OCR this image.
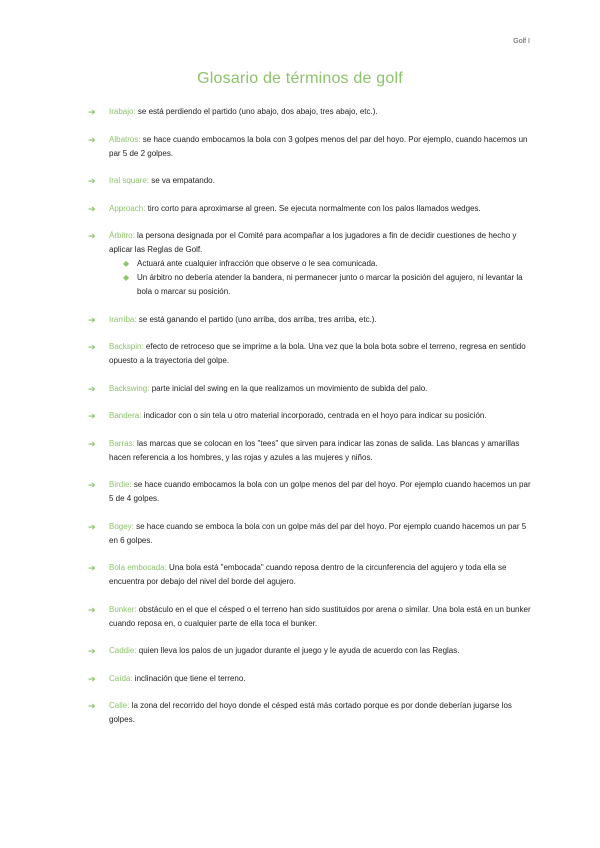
Golf I
Glosario de términos de golf
➔ Irabajo: se está perdiendo el partido (uno abajo, dos abajo, tres abajo, etc.).
➔ Albatros: se hace cuando embocamos la bola con 3 golpes menos del par del hoyo. Por ejemplo, cuando hacemos un par 5 de 2 golpes.
➔ Iral square: se va empatando.
➔ Approach: tiro corto para aproximarse al green. Se ejecuta normalmente con los palos llamados wedges.
➔ Árbitro: la persona designada por el Comité para acompañar a los jugadores a fin de decidir cuestiones de hecho y aplicar las Reglas de Golf.
◆ Actuará ante cualquier infracción que observe o le sea comunicada.
◆ Un árbitro no debería atender la bandera, ni permanecer junto o marcar la posición del agujero, ni levantar la bola o marcar su posición.
➔ Irarriba: se está ganando el partido (uno arriba, dos arriba, tres arriba, etc.).
➔ Backspin: efecto de retroceso que se imprime a la bola. Una vez que la bola bota sobre el terreno, regresa en sentido opuesto a la trayectoria del golpe.
➔ Backswing: parte inicial del swing en la que realizamos un movimiento de subida del palo.
➔ Bandera: indicador con o sin tela u otro material incorporado, centrada en el hoyo para indicar su posición.
➔ Barras: las marcas que se colocan en los "tees" que sirven para indicar las zonas de salida. Las blancas y amarillas hacen referencia a los hombres, y las rojas y azules a las mujeres y niños.
➔ Birdie: se hace cuando embocamos la bola con un golpe menos del par del hoyo. Por ejemplo cuando hacemos un par 5 de 4 golpes.
➔ Bogey: se hace cuando se emboca la bola con un golpe más del par del hoyo. Por ejemplo cuando hacemos un par 5 en 6 golpes.
➔ Bola embocada: Una bola está "embocada" cuando reposa dentro de la circunferencia del agujero y toda ella se encuentra por debajo del nivel del borde del agujero.
➔ Bunker: obstáculo en el que el césped o el terreno han sido sustituidos por arena o similar. Una bola está en un bunker cuando reposa en, o cualquier parte de ella toca el bunker.
➔ Caddie: quien lleva los palos de un jugador durante el juego y le ayuda de acuerdo con las Reglas.
➔ Caída: inclinación que tiene el terreno.
➔ Calle: la zona del recorrido del hoyo donde el césped está más cortado porque es por donde deberían jugarse los golpes.
